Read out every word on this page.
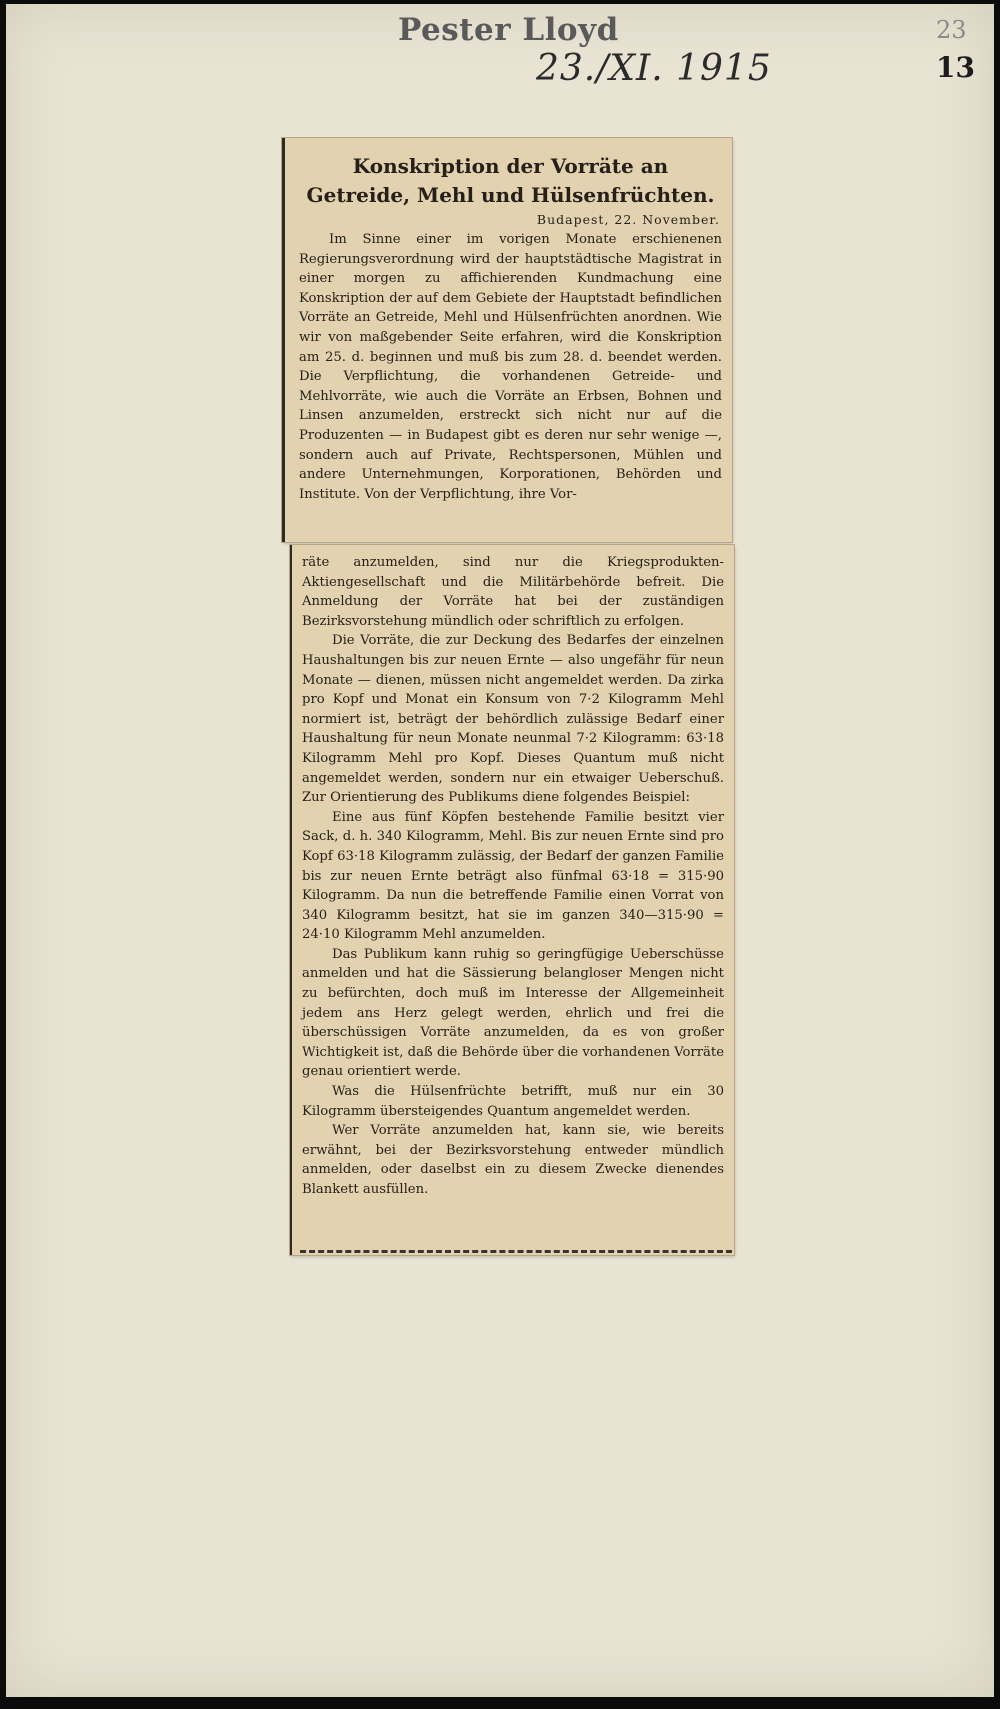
Pester Lloyd
23./XI. 1915
23
13
Konskription der Vorräte an Getreide, Mehl und Hülsenfrüchten.
Budapest, 22. November.

Im Sinne einer im vorigen Monate erschienenen Regierungsverordnung wird der hauptstädtische Magistrat in einer morgen zu affichierenden Kundmachung eine Konskription der auf dem Gebiete der Hauptstadt befindlichen Vorräte an Getreide, Mehl und Hülsenfrüchten anordnen. Wie wir von maßgebender Seite erfahren, wird die Konskription am 25. d. beginnen und muß bis zum 28. d. beendet werden. Die Verpflichtung, die vorhandenen Getreide- und Mehlvorräte, wie auch die Vorräte an Erbsen, Bohnen und Linsen anzumelden, erstreckt sich nicht nur auf die Produzenten — in Budapest gibt es deren nur sehr wenige —, sondern auch auf Private, Rechtspersonen, Mühlen und andere Unternehmungen, Korporationen, Behörden und Institute. Von der Verpflichtung, ihre Vor-

räte anzumelden, sind nur die Kriegsprodukten-Aktiengesellschaft und die Militärbehörde befreit. Die Anmeldung der Vorräte hat bei der zuständigen Bezirksvorstehung mündlich oder schriftlich zu erfolgen.

Die Vorräte, die zur Deckung des Bedarfes der einzelnen Haushaltungen bis zur neuen Ernte — also ungefähr für neun Monate — dienen, müssen nicht angemeldet werden. Da zirka pro Kopf und Monat ein Konsum von 7·2 Kilogramm Mehl normiert ist, beträgt der behördlich zulässige Bedarf einer Haushaltung für neun Monate neunmal 7·2 Kilogramm: 63·18 Kilogramm Mehl pro Kopf. Dieses Quantum muß nicht angemeldet werden, sondern nur ein etwaiger Ueberschuß. Zur Orientierung des Publikums diene folgendes Beispiel:

Eine aus fünf Köpfen bestehende Familie besitzt vier Sack, d. h. 340 Kilogramm, Mehl. Bis zur neuen Ernte sind pro Kopf 63·18 Kilogramm zulässig, der Bedarf der ganzen Familie bis zur neuen Ernte beträgt also fünfmal 63·18 = 315·90 Kilogramm. Da nun die betreffende Familie einen Vorrat von 340 Kilogramm besitzt, hat sie im ganzen 340—315·90 = 24·10 Kilogramm Mehl anzumelden.

Das Publikum kann ruhig so geringfügige Ueberschüsse anmelden und hat die Sässierung belangloser Mengen nicht zu befürchten, doch muß im Interesse der Allgemeinheit jedem ans Herz gelegt werden, ehrlich und frei die überschüssigen Vorräte anzumelden, da es von großer Wichtigkeit ist, daß die Behörde über die vorhandenen Vorräte genau orientiert werde.

Was die Hülsenfrüchte betrifft, muß nur ein 30 Kilogramm übersteigendes Quantum angemeldet werden.

Wer Vorräte anzumelden hat, kann sie, wie bereits erwähnt, bei der Bezirksvorstehung entweder mündlich anmelden, oder daselbst ein zu diesem Zwecke dienendes Blankett ausfüllen.
